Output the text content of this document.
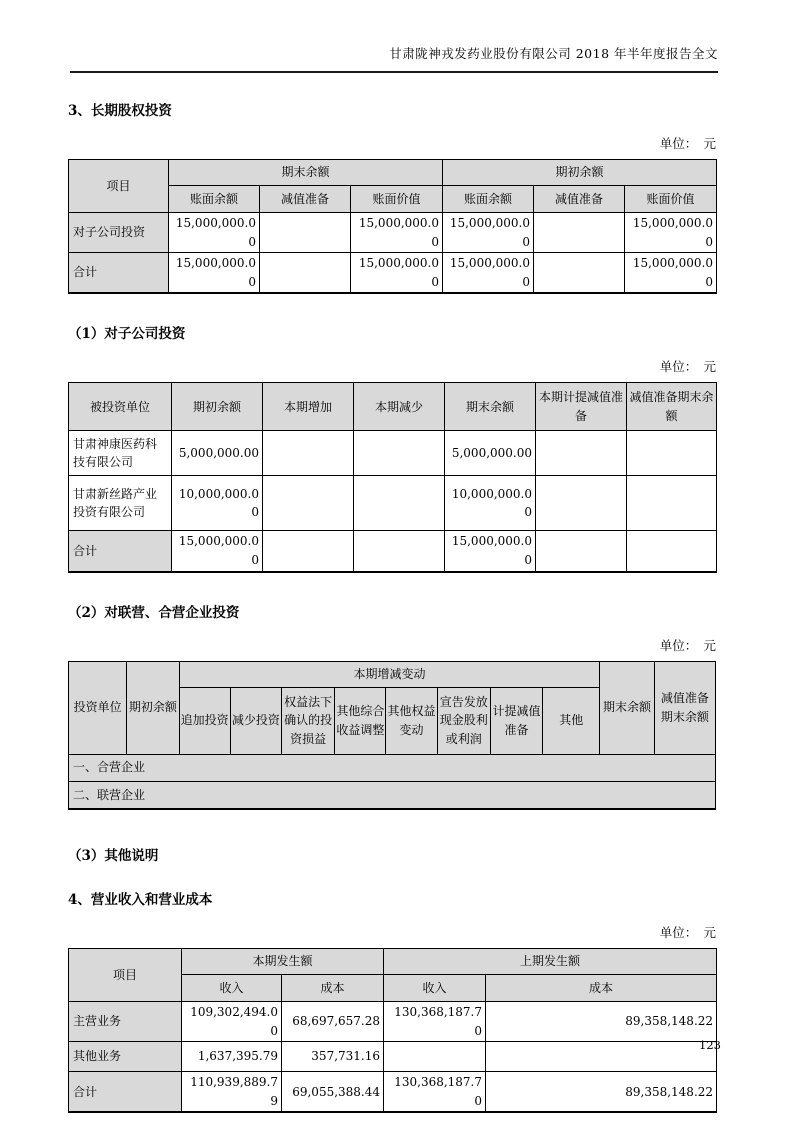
甘肃陇神戎发药业股份有限公司 2018 年半年度报告全文
3、长期股权投资
单位：　元
项目	期末余额			期初余额		
	账面余额	减值准备	账面价值	账面余额	减值准备	账面价值
对子公司投资	15,000,000.00		15,000,000.00	15,000,000.00		15,000,000.00
合计	15,000,000.00		15,000,000.00	15,000,000.00		15,000,000.00
（1）对子公司投资
单位：　元
被投资单位	期初余额	本期增加	本期减少	期末余额	本期计提减值准备	减值准备期末余额
甘肃神康医药科技有限公司	5,000,000.00			5,000,000.00		
甘肃新丝路产业投资有限公司	10,000,000.00			10,000,000.00		
合计	15,000,000.00			15,000,000.00		
（2）对联营、合营企业投资
单位：　元
投资单位	期初余额	本期增减变动								期末余额	减值准备期末余额
		追加投资	减少投资	权益法下确认的投资损益	其他综合收益调整	其他权益变动	宣告发放现金股利或利润	计提减值准备	其他		
一、合营企业											
二、联营企业											
（3）其他说明
4、营业收入和营业成本
单位：　元
项目	本期发生额		上期发生额	
	收入	成本	收入	成本
主营业务	109,302,494.00	68,697,657.28	130,368,187.70	89,358,148.22
其他业务	1,637,395.79	357,731.16		
合计	110,939,889.79	69,055,388.44	130,368,187.70	89,358,148.22
123
